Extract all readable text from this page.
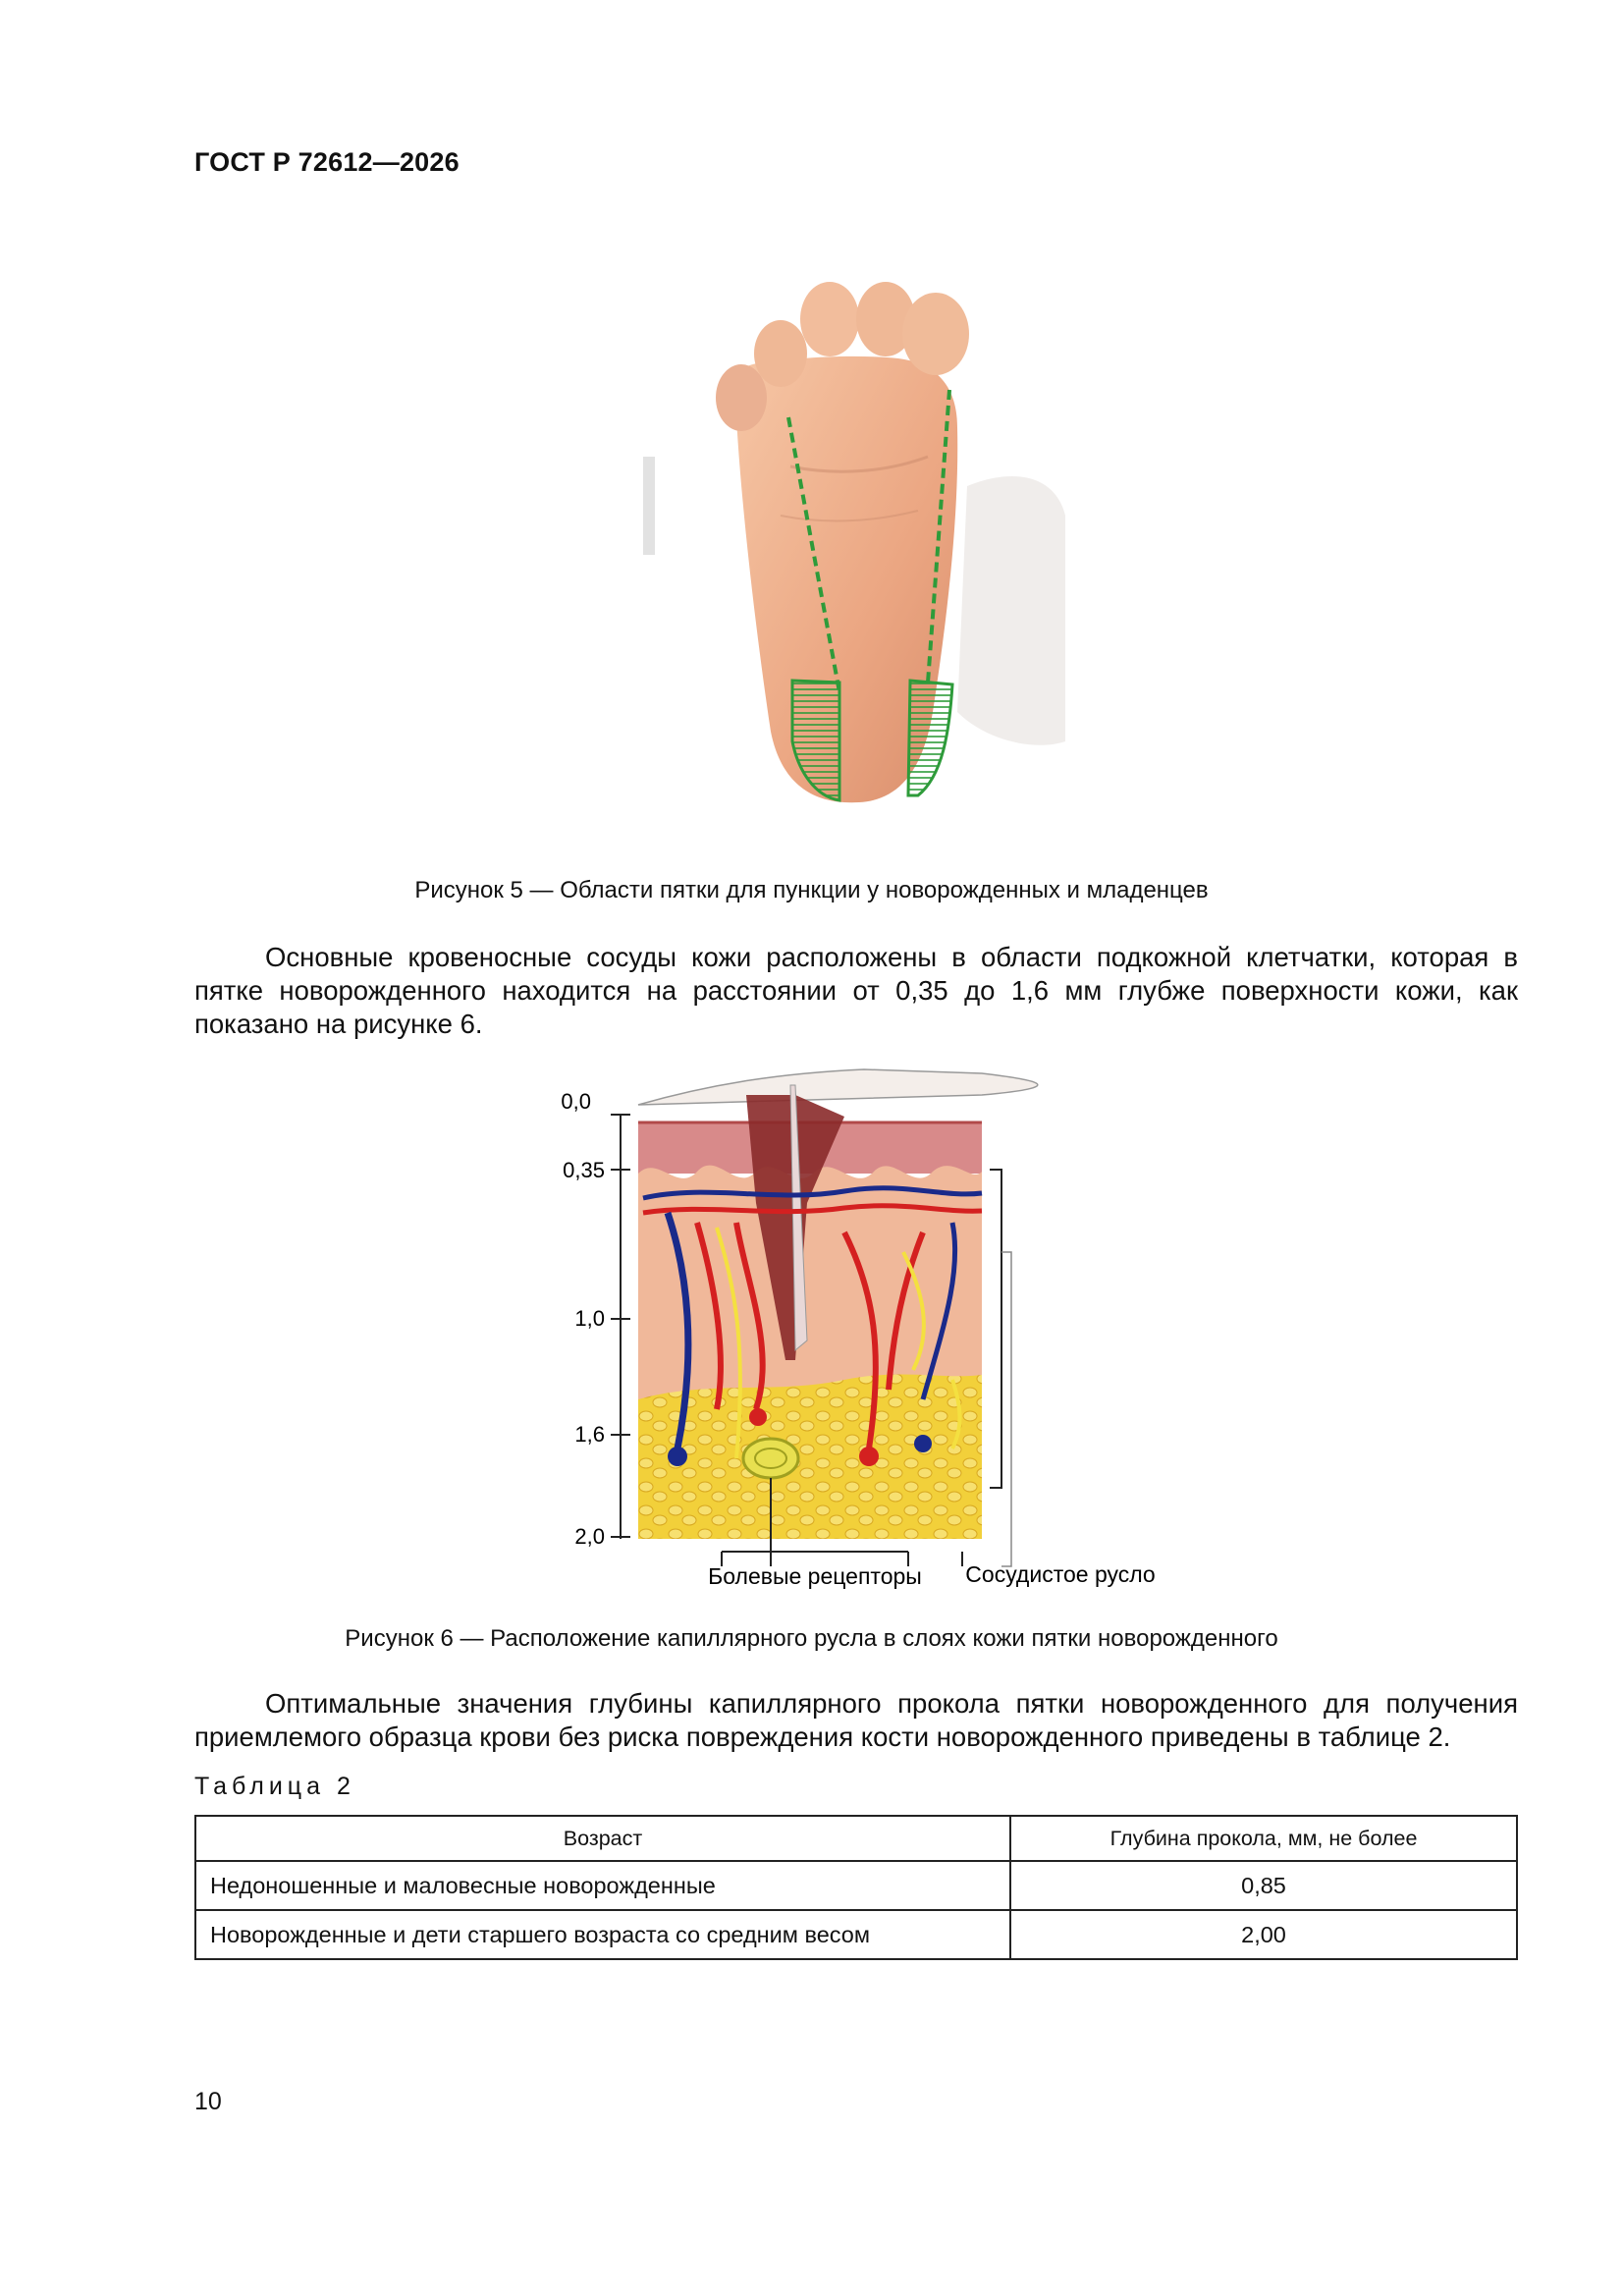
ГОСТ Р 72612—2026
Рисунок 5 — Области пятки для пункции у новорожденных и младенцев
Основные кровеносные сосуды кожи расположены в области подкожной клетчатки, которая в пятке новорожденного находится на расстоянии от 0,35 до 1,6 мм глубже поверхности кожи, как показано на рисунке 6.
0,0
0,35
1,0
1,6
2,0
Болевые рецепторы Сосудистое русло
Рисунок 6 — Расположение капиллярного русла в слоях кожи пятки новорожденного
Оптимальные значения глубины капиллярного прокола пятки новорожденного для получения приемлемого образца крови без риска повреждения кости новорожденного приведены в таблице 2.
Таблица 2
Возраст	Глубина прокола, мм, не более
Недоношенные и маловесные новорожденные	0,85
Новорожденные и дети старшего возраста со средним весом	2,00
10
